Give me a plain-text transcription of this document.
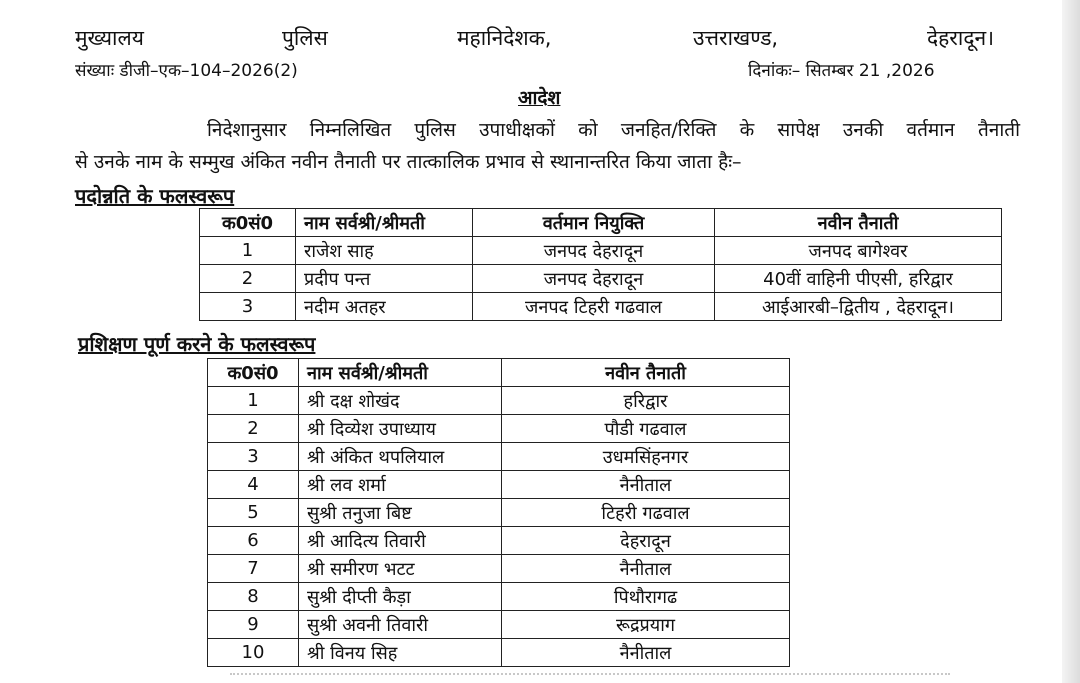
मुख्यालय	पुलिस	महानिदेशक,	उत्तराखण्ड,	देहरादून।
संख्याः डीजी–एक–104–2026(2)	दिनांकः– सितम्बर 21 ,2026
आदेश
निदेशानुसार निम्नलिखित पुलिस उपाधीक्षकों को जनहित/रिक्ति के सापेक्ष उनकी वर्तमान तैनाती
से उनके नाम के सम्मुख अंकित नवीन तैनाती पर तात्कालिक प्रभाव से स्थानान्तरित किया जाता हैः–
पदोन्नति के फलस्वरूप
क0सं0	नाम सर्वश्री/श्रीमती	वर्तमान नियुक्ति	नवीन तैनाती
1	राजेश साह	जनपद देहरादून	जनपद बागेश्वर
2	प्रदीप पन्त	जनपद देहरादून	40वीं वाहिनी पीएसी, हरिद्वार
3	नदीम अतहर	जनपद टिहरी गढवाल	आईआरबी–द्वितीय , देहरादून।
प्रशिक्षण पूर्ण करने के फलस्वरूप
क0सं0	नाम सर्वश्री/श्रीमती	नवीन तैनाती
1	श्री दक्ष शोखंद	हरिद्वार
2	श्री दिव्येश उपाध्याय	पौडी गढवाल
3	श्री अंकित थपलियाल	उधमसिंहनगर
4	श्री लव शर्मा	नैनीताल
5	सुश्री तनुजा बिष्ट	टिहरी गढवाल
6	श्री आदित्य तिवारी	देहरादून
7	श्री समीरण भटट	नैनीताल
8	सुश्री दीप्ती कैड़ा	पिथौरागढ
9	सुश्री अवनी तिवारी	रूद्रप्रयाग
10	श्री विनय सिह	नैनीताल
